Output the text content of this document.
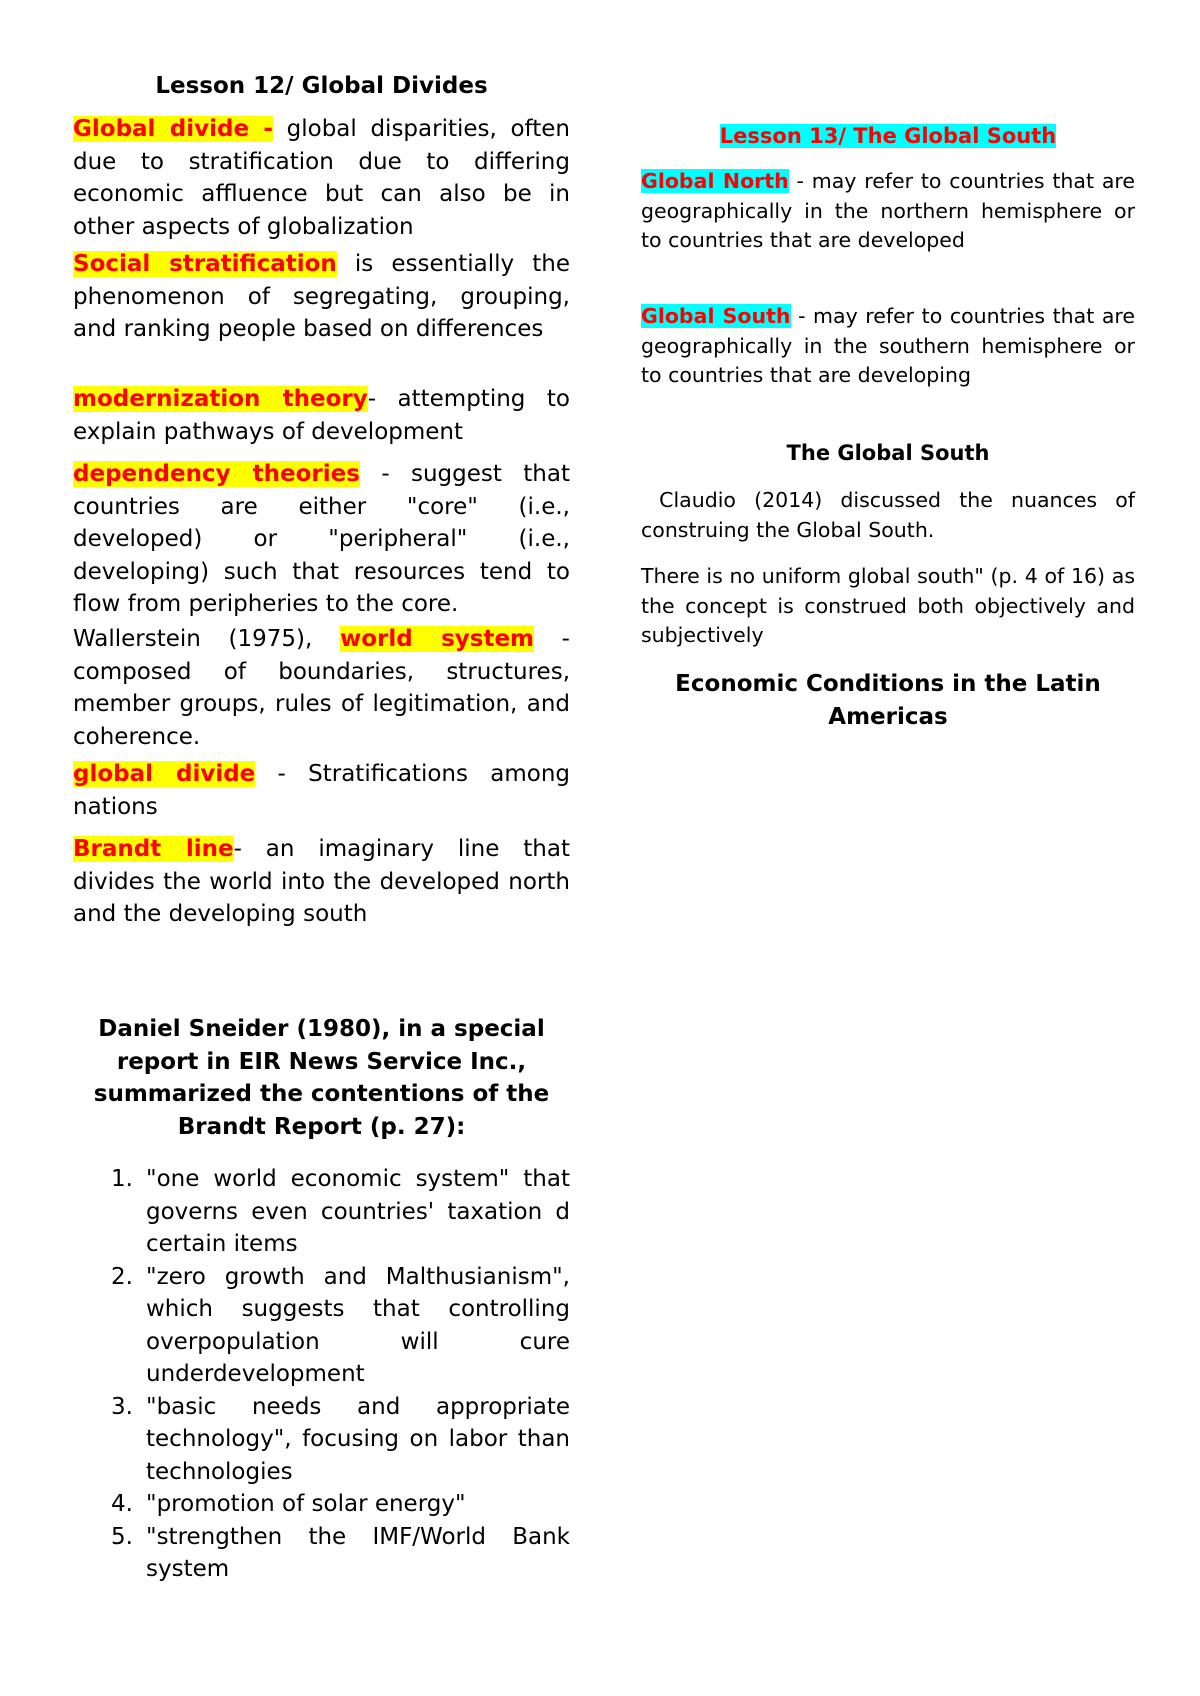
Lesson 12/ Global Divides

Global divide - global disparities, often due to stratification due to differing economic affluence but can also be in other aspects of globalization

Social stratification is essentially the phenomenon of segregating, grouping, and ranking people based on differences

modernization theory- attempting to explain pathways of development

dependency theories - suggest that countries are either "core" (i.e., developed) or "peripheral" (i.e., developing) such that resources tend to flow from peripheries to the core.

Wallerstein (1975), world system - composed of boundaries, structures, member groups, rules of legitimation, and coherence.

global divide - Stratifications among nations

Brandt line- an imaginary line that divides the world into the developed north and the developing south

Daniel Sneider (1980), in a special report in EIR News Service Inc., summarized the contentions of the Brandt Report (p. 27):

1. "one world economic system" that governs even countries' taxation d certain items
2. "zero growth and Malthusianism", which suggests that controlling overpopulation will cure underdevelopment
3. "basic needs and appropriate technology", focusing on labor than technologies
4. "promotion of solar energy"
5. "strengthen the IMF/World Bank system
Lesson 13/ The Global South

Global North - may refer to countries that are geographically in the northern hemisphere or to countries that are developed

Global South - may refer to countries that are geographically in the southern hemisphere or to countries that are developing

The Global South

Claudio (2014) discussed the nuances of construing the Global South.

There is no uniform global south" (p. 4 of 16) as the concept is construed both objectively and subjectively

Economic Conditions in the Latin Americas
